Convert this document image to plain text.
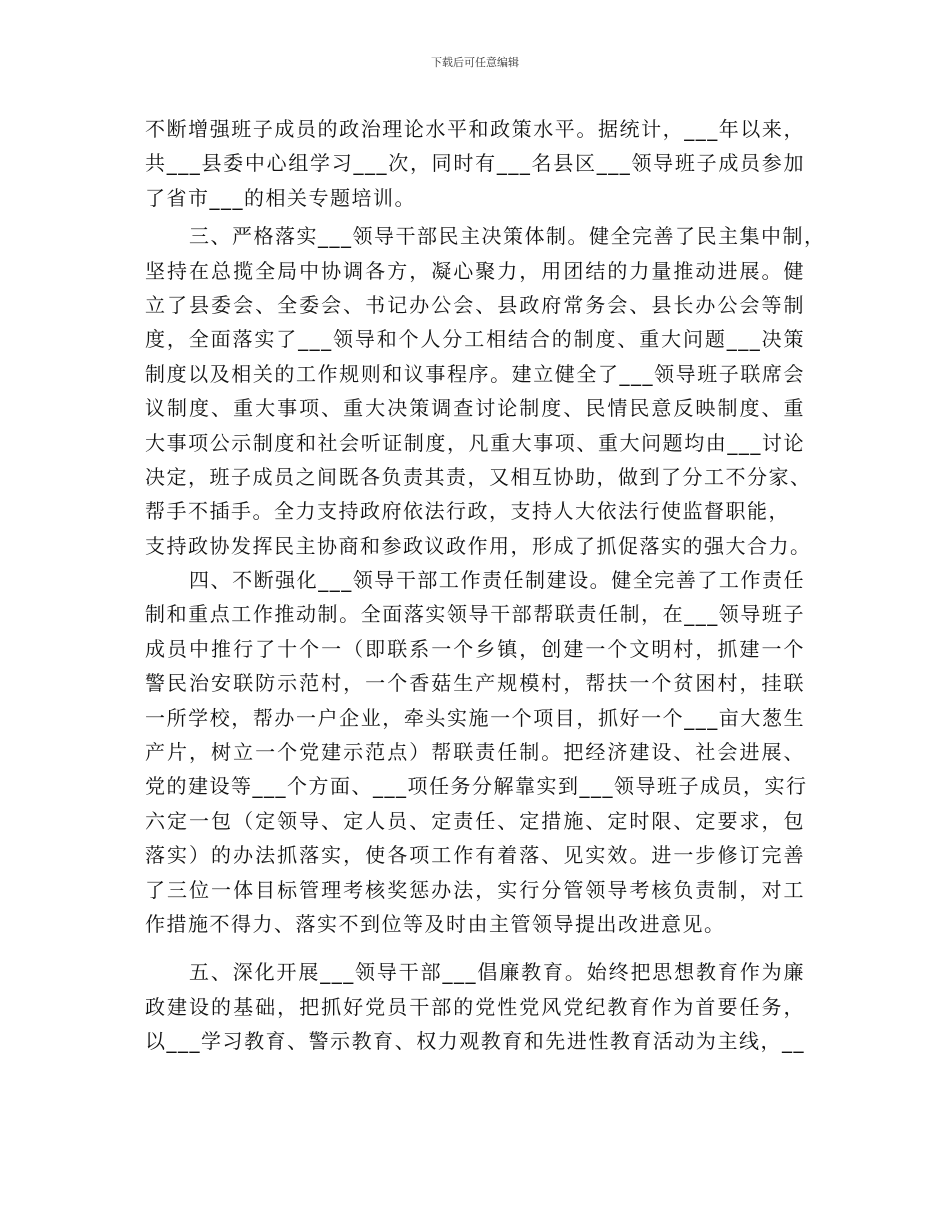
下载后可任意编辑
不断增强班子成员的政治理论水平和政策水平。据统计，___年以来，
共___县委中心组学习___次，同时有___名县区___领导班子成员参加
了省市___的相关专题培训。
三、严格落实___领导干部民主决策体制。健全完善了民主集中制，
坚持在总揽全局中协调各方，凝心聚力，用团结的力量推动进展。健
立了县委会、全委会、书记办公会、县政府常务会、县长办公会等制
度，全面落实了___领导和个人分工相结合的制度、重大问题___决策
制度以及相关的工作规则和议事程序。建立健全了___领导班子联席会
议制度、重大事项、重大决策调查讨论制度、民情民意反映制度、重
大事项公示制度和社会听证制度，凡重大事项、重大问题均由___讨论
决定，班子成员之间既各负责其责，又相互协助，做到了分工不分家、
帮手不插手。全力支持政府依法行政，支持人大依法行使监督职能，
支持政协发挥民主协商和参政议政作用，形成了抓促落实的强大合力。
四、不断强化___领导干部工作责任制建设。健全完善了工作责任
制和重点工作推动制。全面落实领导干部帮联责任制，在___领导班子
成员中推行了十个一（即联系一个乡镇，创建一个文明村，抓建一个
警民治安联防示范村，一个香菇生产规模村，帮扶一个贫困村，挂联
一所学校，帮办一户企业，牵头实施一个项目，抓好一个___亩大葱生
产片，树立一个党建示范点）帮联责任制。把经济建设、社会进展、
党的建设等___个方面、___项任务分解靠实到___领导班子成员，实行
六定一包（定领导、定人员、定责任、定措施、定时限、定要求，包
落实）的办法抓落实，使各项工作有着落、见实效。进一步修订完善
了三位一体目标管理考核奖惩办法，实行分管领导考核负责制，对工
作措施不得力、落实不到位等及时由主管领导提出改进意见。
五、深化开展___领导干部___倡廉教育。始终把思想教育作为廉
政建设的基础，把抓好党员干部的党性党风党纪教育作为首要任务，
以___学习教育、警示教育、权力观教育和先进性教育活动为主线，__
